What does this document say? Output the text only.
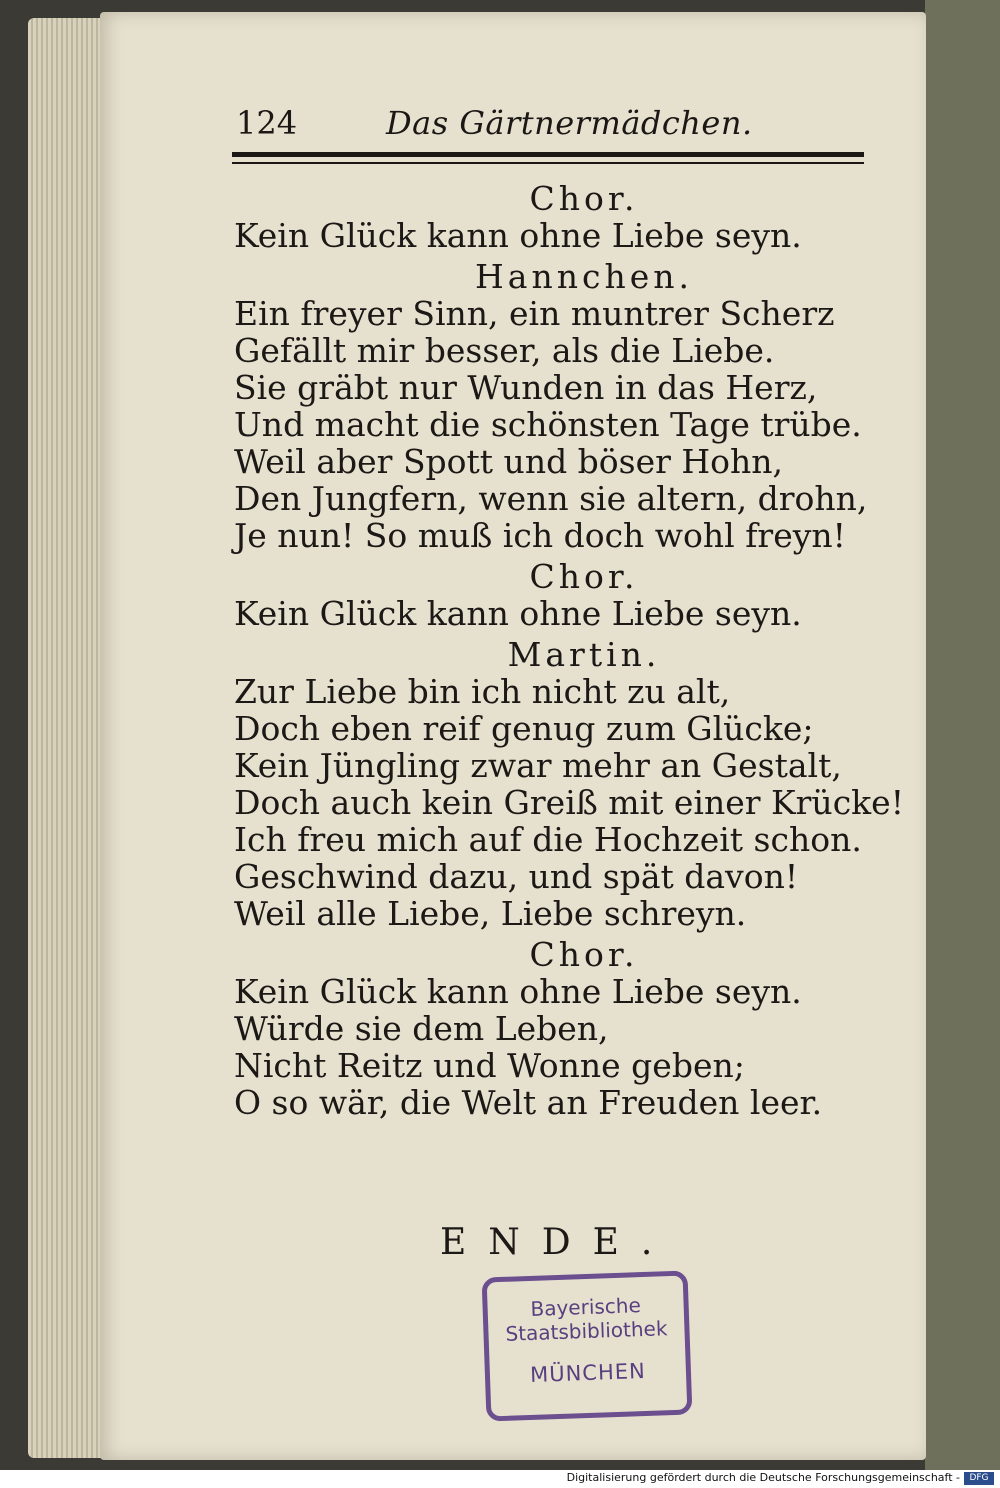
124	Das Gärtnermädchen.
Chor.
Kein Glück kann ohne Liebe seyn.
Hannchen.
Ein freyer Sinn, ein muntrer Scherz
Gefällt mir besser, als die Liebe.
Sie gräbt nur Wunden in das Herz,
Und macht die schönsten Tage trübe.
Weil aber Spott und böser Hohn,
Den Jungfern, wenn sie altern, drohn,
Je nun! So muß ich doch wohl freyn!
Chor.
Kein Glück kann ohne Liebe seyn.
Martin.
Zur Liebe bin ich nicht zu alt,
Doch eben reif genug zum Glücke;
Kein Jüngling zwar mehr an Gestalt,
Doch auch kein Greiß mit einer Krücke!
Ich freu mich auf die Hochzeit schon.
Geschwind dazu, und spät davon!
Weil alle Liebe, Liebe schreyn.
Chor.
Kein Glück kann ohne Liebe seyn.
Würde sie dem Leben,
Nicht Reitz und Wonne geben;
O so wär, die Welt an Freuden leer.
ENDE.
Bayerische
Staatsbibliothek
MÜNCHEN
Digitalisierung gefördert durch die Deutsche Forschungsgemeinschaft -	DFG
